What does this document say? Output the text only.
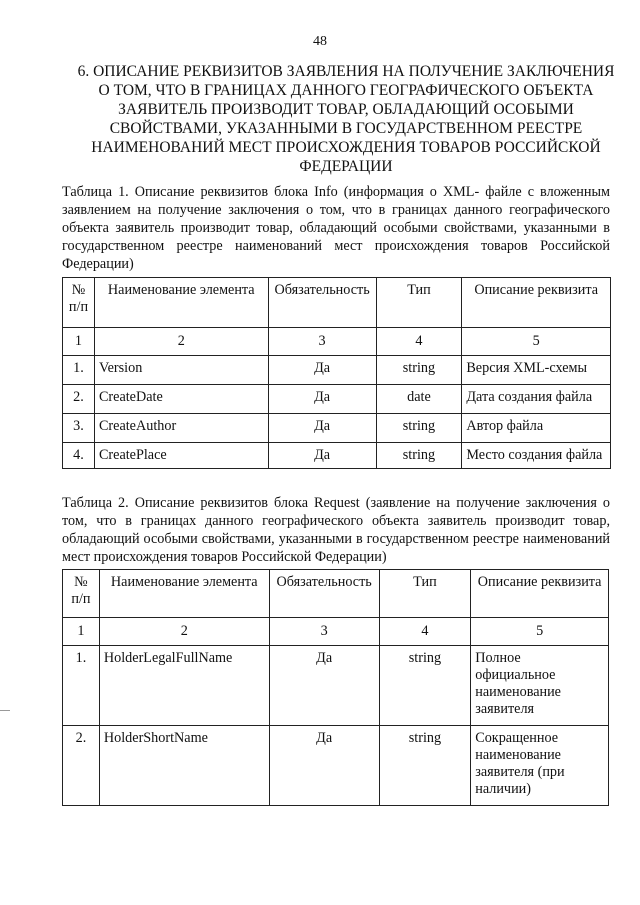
48
6. ОПИСАНИЕ РЕКВИЗИТОВ ЗАЯВЛЕНИЯ НА ПОЛУЧЕНИЕ ЗАКЛЮЧЕНИЯ О ТОМ, ЧТО В ГРАНИЦАХ ДАННОГО ГЕОГРАФИЧЕСКОГО ОБЪЕКТА ЗАЯВИТЕЛЬ ПРОИЗВОДИТ ТОВАР, ОБЛАДАЮЩИЙ ОСОБЫМИ СВОЙСТВАМИ, УКАЗАННЫМИ В ГОСУДАРСТВЕННОМ РЕЕСТРЕ НАИМЕНОВАНИЙ МЕСТ ПРОИСХОЖДЕНИЯ ТОВАРОВ РОССИЙСКОЙ ФЕДЕРАЦИИ
Таблица 1. Описание реквизитов блока Info (информация о XML- файле с вложенным заявлением на получение заключения о том, что в границах данного географического объекта заявитель производит товар, обладающий особыми свойствами, указанными в государственном реестре наименований мест происхождения товаров Российской Федерации)
№ п/п	Наименование элемента	Обязательность	Тип	Описание реквизита
1	2	3	4	5
1.	Version	Да	string	Версия XML-схемы
2.	CreateDate	Да	date	Дата создания файла
3.	CreateAuthor	Да	string	Автор файла
4.	CreatePlace	Да	string	Место создания файла
Таблица 2. Описание реквизитов блока Request (заявление на получение заключения о том, что в границах данного географического объекта заявитель производит товар, обладающий особыми свойствами, указанными в государственном реестре наименований мест происхождения товаров Российской Федерации)
№ п/п	Наименование элемента	Обязательность	Тип	Описание реквизита
1	2	3	4	5
1.	HolderLegalFullName	Да	string	Полное официальное наименование заявителя
2.	HolderShortName	Да	string	Сокращенное наименование заявителя (при наличии)
